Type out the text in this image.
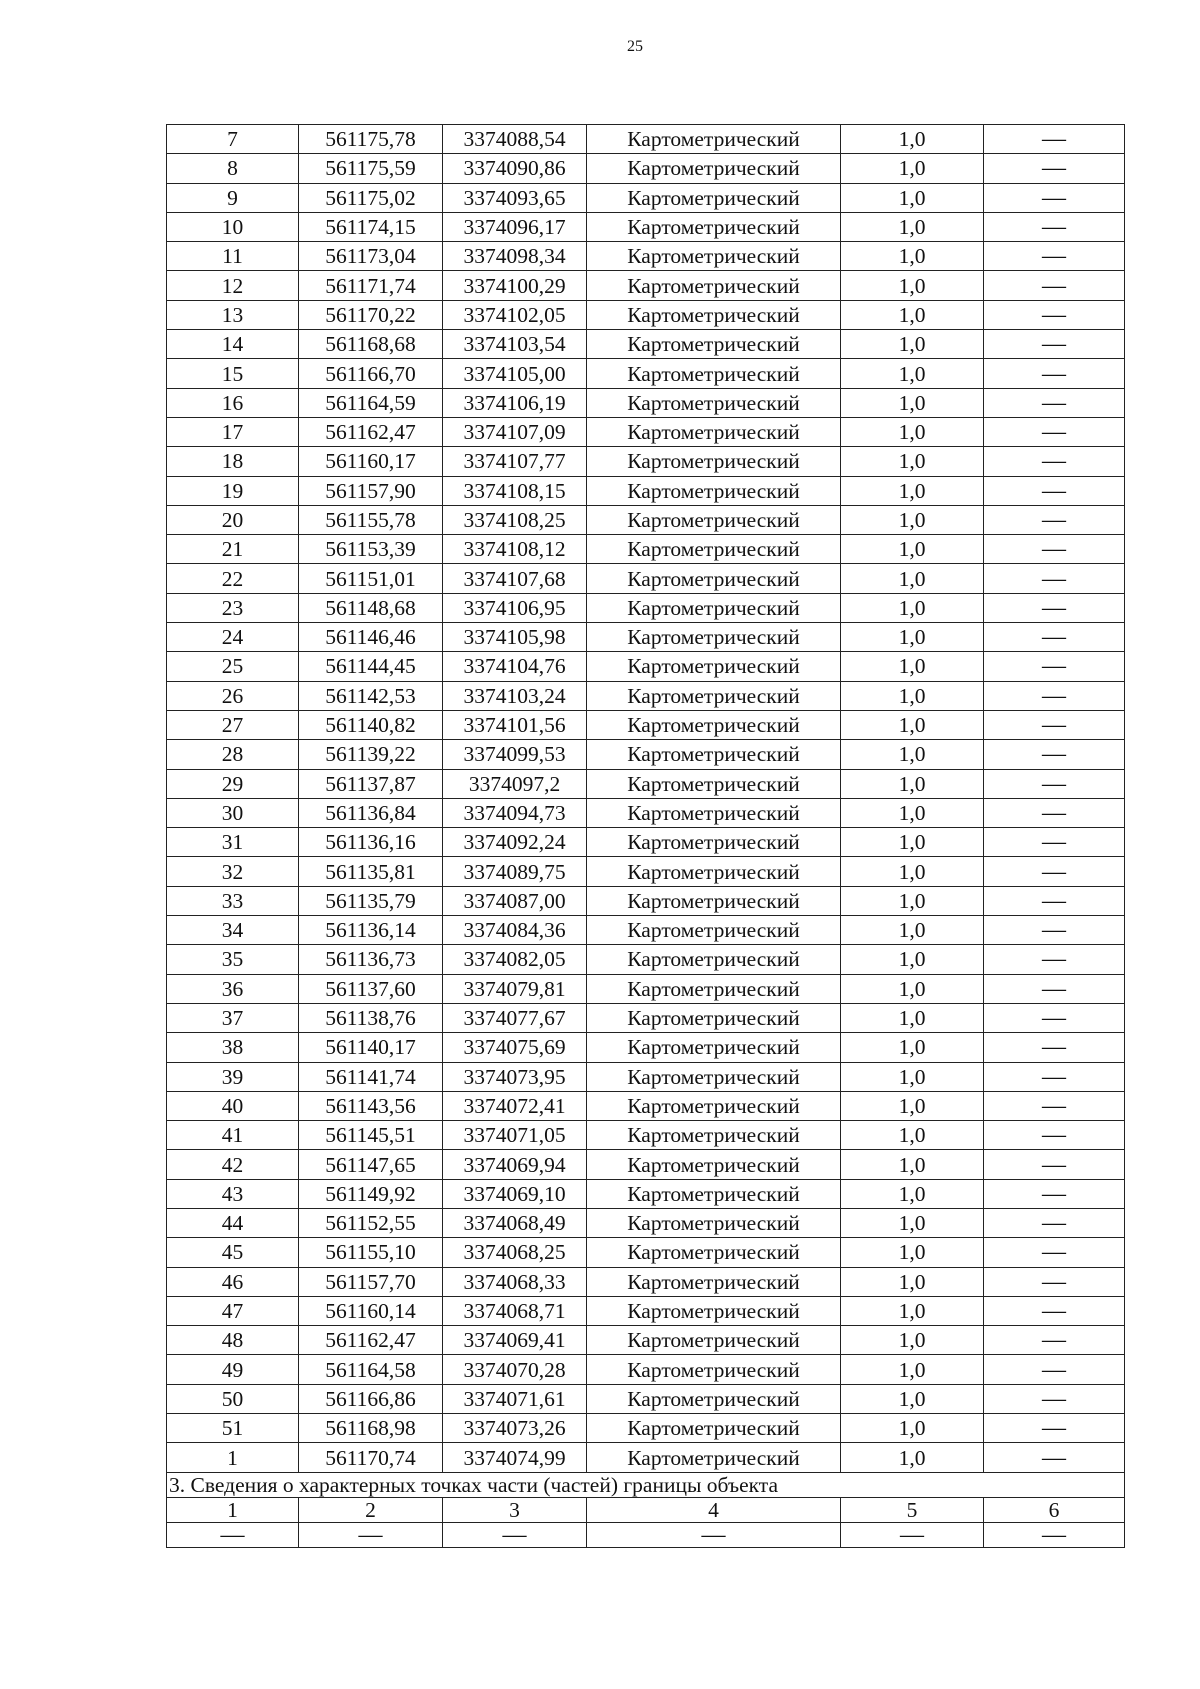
25
7	561175,78	3374088,54	Картометрический	1,0	—
8	561175,59	3374090,86	Картометрический	1,0	—
9	561175,02	3374093,65	Картометрический	1,0	—
10	561174,15	3374096,17	Картометрический	1,0	—
11	561173,04	3374098,34	Картометрический	1,0	—
12	561171,74	3374100,29	Картометрический	1,0	—
13	561170,22	3374102,05	Картометрический	1,0	—
14	561168,68	3374103,54	Картометрический	1,0	—
15	561166,70	3374105,00	Картометрический	1,0	—
16	561164,59	3374106,19	Картометрический	1,0	—
17	561162,47	3374107,09	Картометрический	1,0	—
18	561160,17	3374107,77	Картометрический	1,0	—
19	561157,90	3374108,15	Картометрический	1,0	—
20	561155,78	3374108,25	Картометрический	1,0	—
21	561153,39	3374108,12	Картометрический	1,0	—
22	561151,01	3374107,68	Картометрический	1,0	—
23	561148,68	3374106,95	Картометрический	1,0	—
24	561146,46	3374105,98	Картометрический	1,0	—
25	561144,45	3374104,76	Картометрический	1,0	—
26	561142,53	3374103,24	Картометрический	1,0	—
27	561140,82	3374101,56	Картометрический	1,0	—
28	561139,22	3374099,53	Картометрический	1,0	—
29	561137,87	3374097,2	Картометрический	1,0	—
30	561136,84	3374094,73	Картометрический	1,0	—
31	561136,16	3374092,24	Картометрический	1,0	—
32	561135,81	3374089,75	Картометрический	1,0	—
33	561135,79	3374087,00	Картометрический	1,0	—
34	561136,14	3374084,36	Картометрический	1,0	—
35	561136,73	3374082,05	Картометрический	1,0	—
36	561137,60	3374079,81	Картометрический	1,0	—
37	561138,76	3374077,67	Картометрический	1,0	—
38	561140,17	3374075,69	Картометрический	1,0	—
39	561141,74	3374073,95	Картометрический	1,0	—
40	561143,56	3374072,41	Картометрический	1,0	—
41	561145,51	3374071,05	Картометрический	1,0	—
42	561147,65	3374069,94	Картометрический	1,0	—
43	561149,92	3374069,10	Картометрический	1,0	—
44	561152,55	3374068,49	Картометрический	1,0	—
45	561155,10	3374068,25	Картометрический	1,0	—
46	561157,70	3374068,33	Картометрический	1,0	—
47	561160,14	3374068,71	Картометрический	1,0	—
48	561162,47	3374069,41	Картометрический	1,0	—
49	561164,58	3374070,28	Картометрический	1,0	—
50	561166,86	3374071,61	Картометрический	1,0	—
51	561168,98	3374073,26	Картометрический	1,0	—
1	561170,74	3374074,99	Картометрический	1,0	—
3. Сведения о характерных точках части (частей) границы объекта					
1	2	3	4	5	6
—	—	—	—	—	—
